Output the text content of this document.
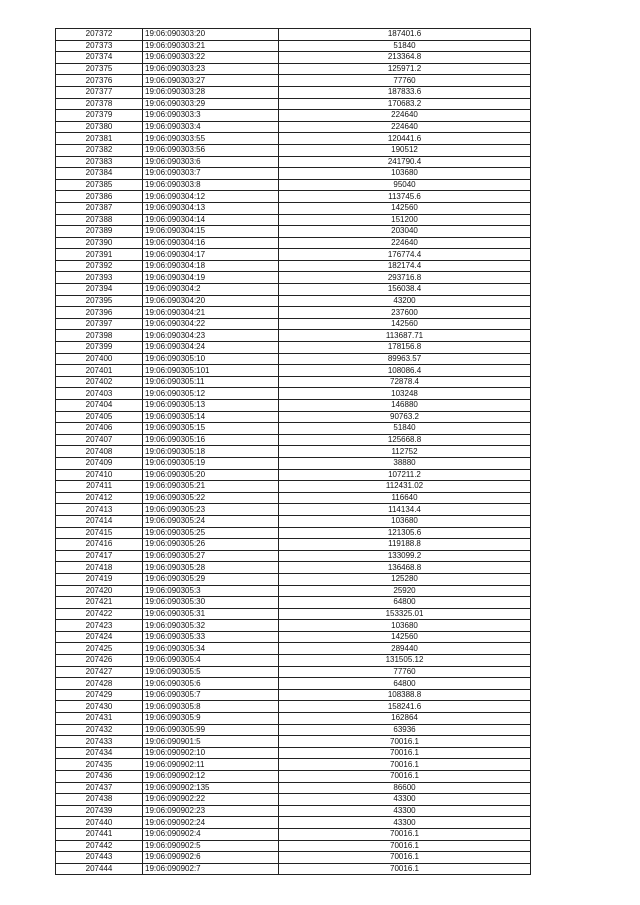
207372	19:06:090303:20	187401.6
207373	19:06:090303:21	51840
207374	19:06:090303:22	213364.8
207375	19:06:090303:23	125971.2
207376	19:06:090303:27	77760
207377	19:06:090303:28	187833.6
207378	19:06:090303:29	170683.2
207379	19:06:090303:3	224640
207380	19:06:090303:4	224640
207381	19:06:090303:55	120441.6
207382	19:06:090303:56	190512
207383	19:06:090303:6	241790.4
207384	19:06:090303:7	103680
207385	19:06:090303:8	95040
207386	19:06:090304:12	113745.6
207387	19:06:090304:13	142560
207388	19:06:090304:14	151200
207389	19:06:090304:15	203040
207390	19:06:090304:16	224640
207391	19:06:090304:17	176774.4
207392	19:06:090304:18	182174.4
207393	19:06:090304:19	293716.8
207394	19:06:090304:2	156038.4
207395	19:06:090304:20	43200
207396	19:06:090304:21	237600
207397	19:06:090304:22	142560
207398	19:06:090304:23	113687.71
207399	19:06:090304:24	178156.8
207400	19:06:090305:10	89963.57
207401	19:06:090305:101	108086.4
207402	19:06:090305:11	72878.4
207403	19:06:090305:12	103248
207404	19:06:090305:13	146880
207405	19:06:090305:14	90763.2
207406	19:06:090305:15	51840
207407	19:06:090305:16	125668.8
207408	19:06:090305:18	112752
207409	19:06:090305:19	38880
207410	19:06:090305:20	107211.2
207411	19:06:090305:21	112431.02
207412	19:06:090305:22	116640
207413	19:06:090305:23	114134.4
207414	19:06:090305:24	103680
207415	19:06:090305:25	121305.6
207416	19:06:090305:26	119188.8
207417	19:06:090305:27	133099.2
207418	19:06:090305:28	136468.8
207419	19:06:090305:29	125280
207420	19:06:090305:3	25920
207421	19:06:090305:30	64800
207422	19:06:090305:31	153325.01
207423	19:06:090305:32	103680
207424	19:06:090305:33	142560
207425	19:06:090305:34	289440
207426	19:06:090305:4	131505.12
207427	19:06:090305:5	77760
207428	19:06:090305:6	64800
207429	19:06:090305:7	108388.8
207430	19:06:090305:8	158241.6
207431	19:06:090305:9	162864
207432	19:06:090305:99	63936
207433	19:06:090901:5	70016.1
207434	19:06:090902:10	70016.1
207435	19:06:090902:11	70016.1
207436	19:06:090902:12	70016.1
207437	19:06:090902:135	86600
207438	19:06:090902:22	43300
207439	19:06:090902:23	43300
207440	19:06:090902:24	43300
207441	19:06:090902:4	70016.1
207442	19:06:090902:5	70016.1
207443	19:06:090902:6	70016.1
207444	19:06:090902:7	70016.1
